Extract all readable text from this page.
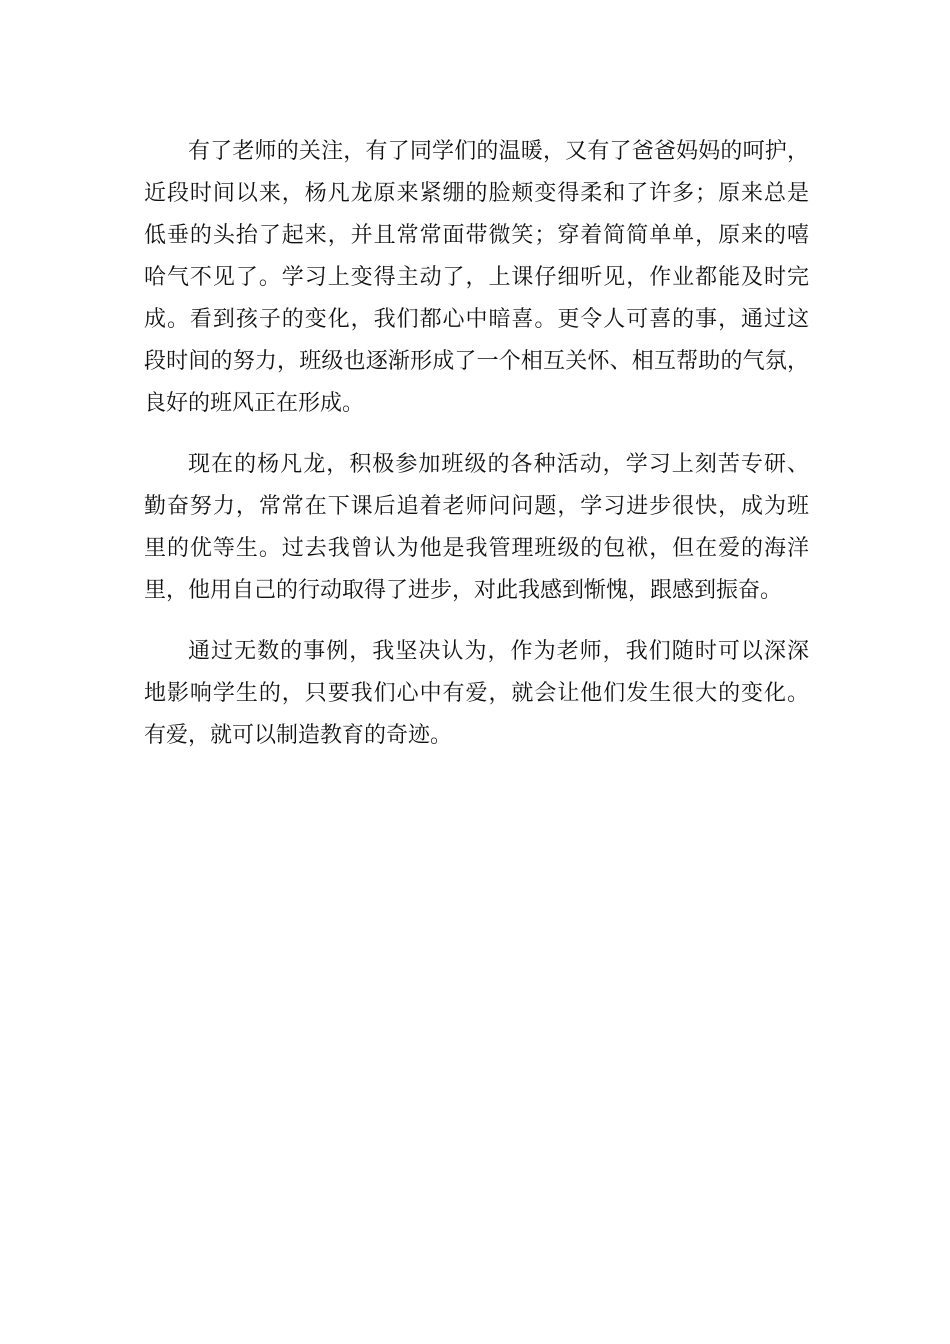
有了老师的关注，有了同学们的温暖，又有了爸爸妈妈的呵护，
近段时间以来，杨凡龙原来紧绷的脸颊变得柔和了许多；原来总是
低垂的头抬了起来，并且常常面带微笑；穿着简简单单，原来的嘻
哈气不见了。学习上变得主动了，上课仔细听见，作业都能及时完
成。看到孩子的变化，我们都心中暗喜。更令人可喜的事，通过这
段时间的努力，班级也逐渐形成了一个相互关怀、相互帮助的气氛，
良好的班风正在形成。
现在的杨凡龙，积极参加班级的各种活动，学习上刻苦专研、
勤奋努力，常常在下课后追着老师问问题，学习进步很快，成为班
里的优等生。过去我曾认为他是我管理班级的包袱，但在爱的海洋
里，他用自己的行动取得了进步，对此我感到惭愧，跟感到振奋。
通过无数的事例，我坚决认为，作为老师，我们随时可以深深
地影响学生的，只要我们心中有爱，就会让他们发生很大的变化。
有爱，就可以制造教育的奇迹。
